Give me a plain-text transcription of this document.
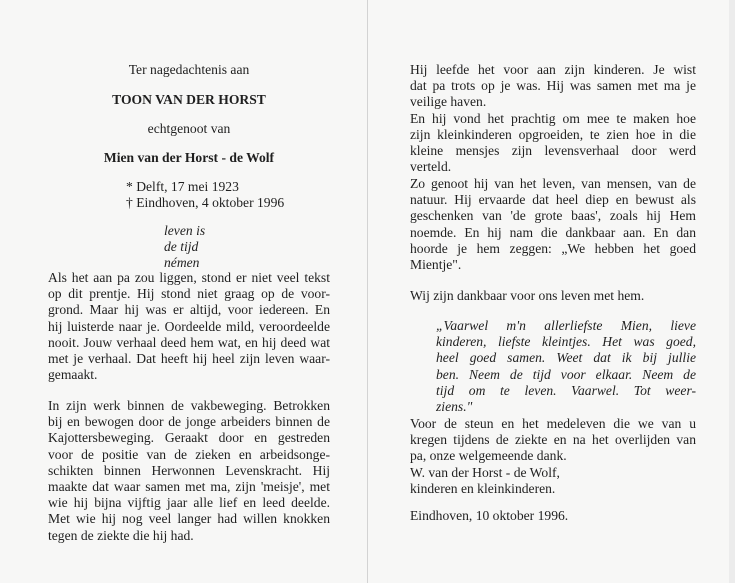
Ter nagedachtenis aan
TOON VAN DER HORST
echtgenoot van
Mien van der Horst - de Wolf
* Delft, 17 mei 1923
† Eindhoven, 4 oktober 1996
leven is
de tijd
némen
Als het aan pa zou liggen, stond er niet veel tekst
op dit prentje. Hij stond niet graag op de voor-
grond. Maar hij was er altijd, voor iedereen. En
hij luisterde naar je. Oordeelde mild, veroordeelde
nooit. Jouw verhaal deed hem wat, en hij deed wat
met je verhaal. Dat heeft hij heel zijn leven waar-
gemaakt.
In zijn werk binnen de vakbeweging. Betrokken
bij en bewogen door de jonge arbeiders binnen de
Kajottersbeweging. Geraakt door en gestreden
voor de positie van de zieken en arbeidsonge-
schikten binnen Herwonnen Levenskracht. Hij
maakte dat waar samen met ma, zijn 'meisje', met
wie hij bijna vijftig jaar alle lief en leed deelde.
Met wie hij nog veel langer had willen knokken
tegen de ziekte die hij had.
Hij leefde het voor aan zijn kinderen. Je wist
dat pa trots op je was. Hij was samen met ma je
veilige haven.
En hij vond het prachtig om mee te maken hoe
zijn kleinkinderen opgroeiden, te zien hoe in die
kleine mensjes zijn levensverhaal door werd
verteld.
Zo genoot hij van het leven, van mensen, van de
natuur. Hij ervaarde dat heel diep en bewust als
geschenken van 'de grote baas', zoals hij Hem
noemde. En hij nam die dankbaar aan. En dan
hoorde je hem zeggen: „We hebben het goed
Mientje".
Wij zijn dankbaar voor ons leven met hem.
„Vaarwel m'n allerliefste Mien, lieve
kinderen, liefste kleintjes. Het was goed,
heel goed samen. Weet dat ik bij jullie
ben. Neem de tijd voor elkaar. Neem de
tijd om te leven. Vaarwel. Tot weer-
ziens."
Voor de steun en het medeleven die we van u
kregen tijdens de ziekte en na het overlijden van
pa, onze welgemeende dank.
W. van der Horst - de Wolf,
kinderen en kleinkinderen.
Eindhoven, 10 oktober 1996.
